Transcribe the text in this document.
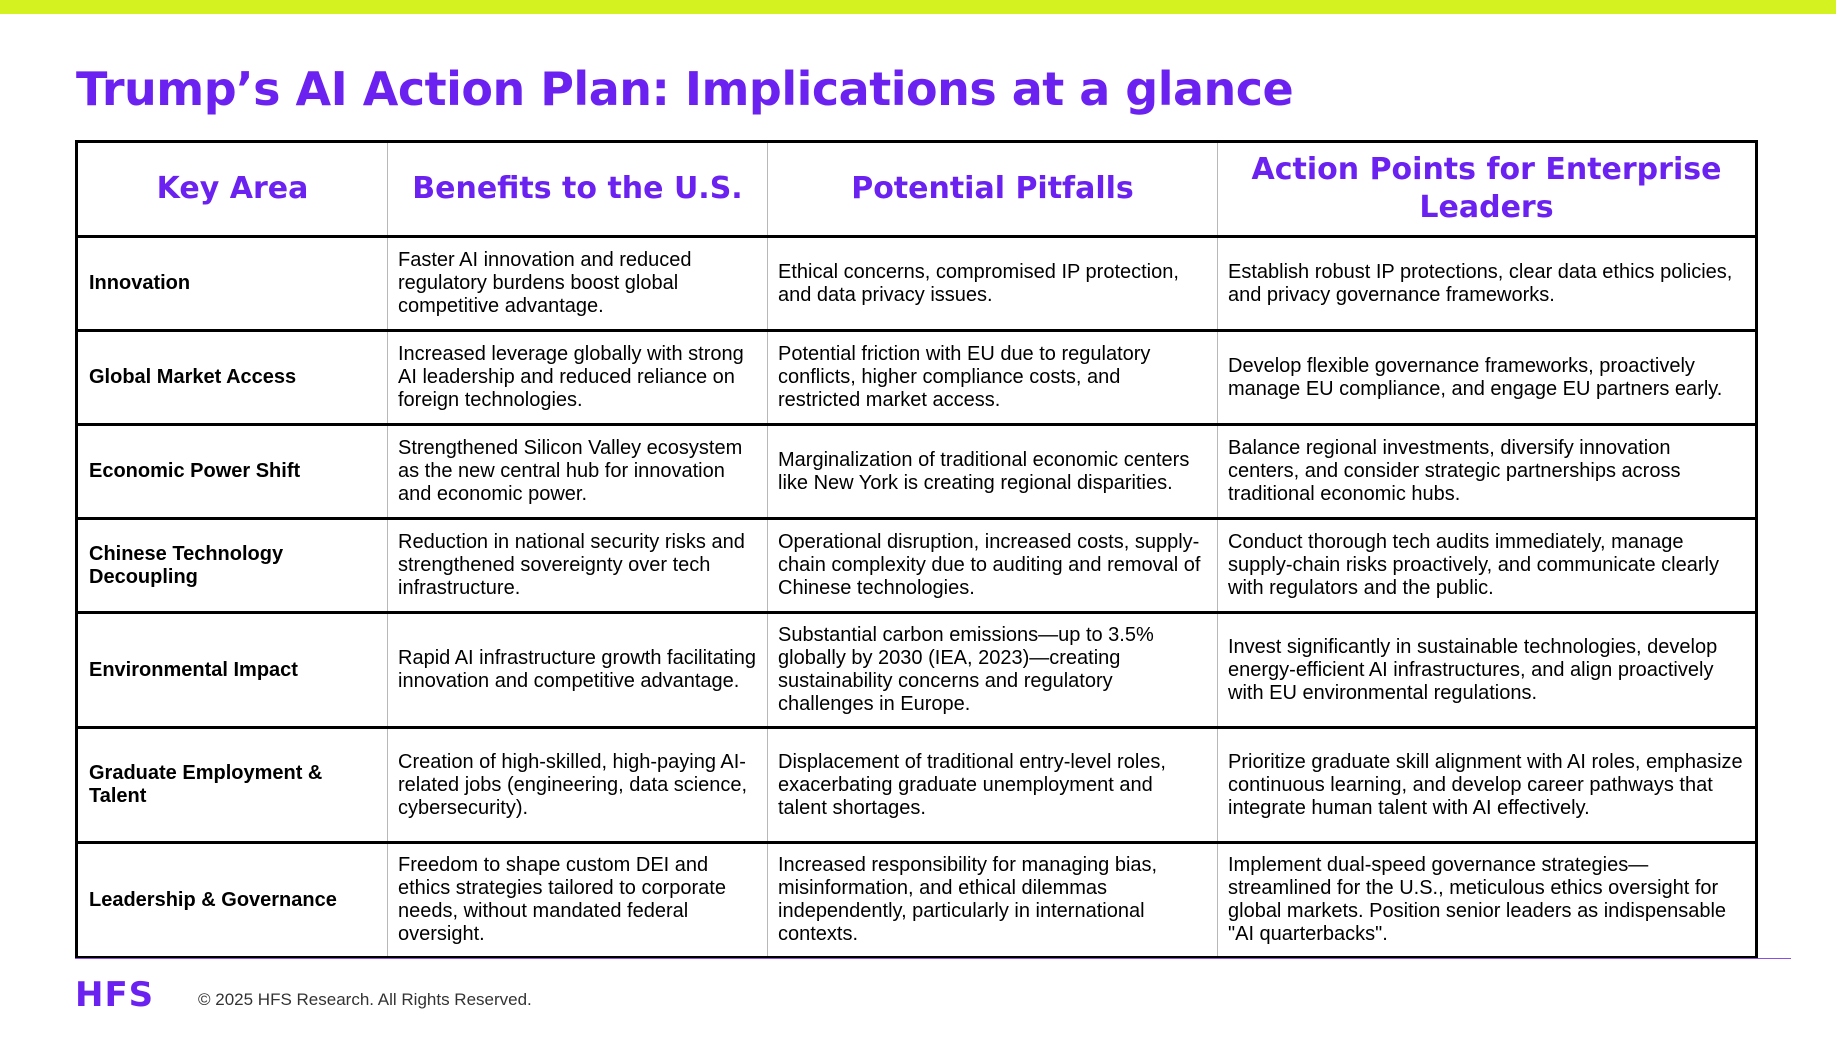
Trump’s AI Action Plan: Implications at a glance
Key Area	Benefits to the U.S.	Potential Pitfalls	Action Points for Enterprise Leaders
Innovation	Faster AI innovation and reduced regulatory burdens boost global competitive advantage.	Ethical concerns, compromised IP protection, and data privacy issues.	Establish robust IP protections, clear data ethics policies, and privacy governance frameworks.
Global Market Access	Increased leverage globally with strong AI leadership and reduced reliance on foreign technologies.	Potential friction with EU due to regulatory conflicts, higher compliance costs, and restricted market access.	Develop flexible governance frameworks, proactively manage EU compliance, and engage EU partners early.
Economic Power Shift	Strengthened Silicon Valley ecosystem as the new central hub for innovation and economic power.	Marginalization of traditional economic centers like New York is creating regional disparities.	Balance regional investments, diversify innovation centers, and consider strategic partnerships across traditional economic hubs.
Chinese Technology Decoupling	Reduction in national security risks and strengthened sovereignty over tech infrastructure.	Operational disruption, increased costs, supply-chain complexity due to auditing and removal of Chinese technologies.	Conduct thorough tech audits immediately, manage supply-chain risks proactively, and communicate clearly with regulators and the public.
Environmental Impact	Rapid AI infrastructure growth facilitating innovation and competitive advantage.	Substantial carbon emissions—up to 3.5% globally by 2030 (IEA, 2023)—creating sustainability concerns and regulatory challenges in Europe.	Invest significantly in sustainable technologies, develop energy-efficient AI infrastructures, and align proactively with EU environmental regulations.
Graduate Employment & Talent	Creation of high-skilled, high-paying AI-related jobs (engineering, data science, cybersecurity).	Displacement of traditional entry-level roles, exacerbating graduate unemployment and talent shortages.	Prioritize graduate skill alignment with AI roles, emphasize continuous learning, and develop career pathways that integrate human talent with AI effectively.
Leadership & Governance	Freedom to shape custom DEI and ethics strategies tailored to corporate needs, without mandated federal oversight.	Increased responsibility for managing bias, misinformation, and ethical dilemmas independently, particularly in international contexts.	Implement dual-speed governance strategies—streamlined for the U.S., meticulous ethics oversight for global markets. Position senior leaders as indispensable "AI quarterbacks".
HFS	© 2025 HFS Research. All Rights Reserved.
